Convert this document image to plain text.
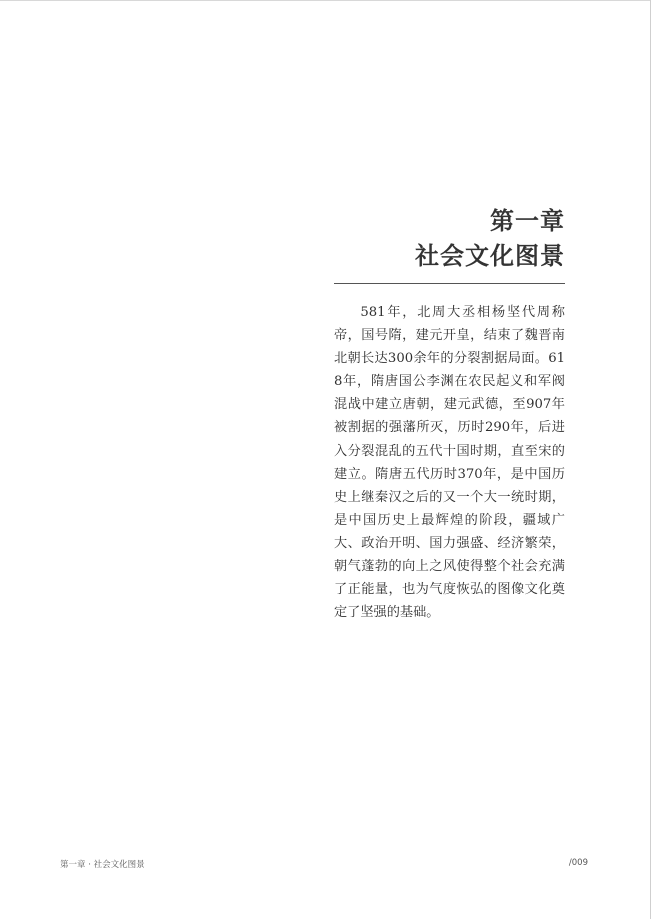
第一章
社会文化图景

581年，北周大丞相杨坚代周称帝，国号隋，建元开皇，结束了魏晋南北朝长达300余年的分裂割据局面。618年，隋唐国公李渊在农民起义和军阀混战中建立唐朝，建元武德，至907年被割据的强藩所灭，历时290年，后进入分裂混乱的五代十国时期，直至宋的建立。隋唐五代历时370年，是中国历史上继秦汉之后的又一个大一统时期，是中国历史上最辉煌的阶段，疆域广大、政治开明、国力强盛、经济繁荣，朝气蓬勃的向上之风使得整个社会充满了正能量，也为气度恢弘的图像文化奠定了坚强的基础。

第一章 · 社会文化图景	/009
